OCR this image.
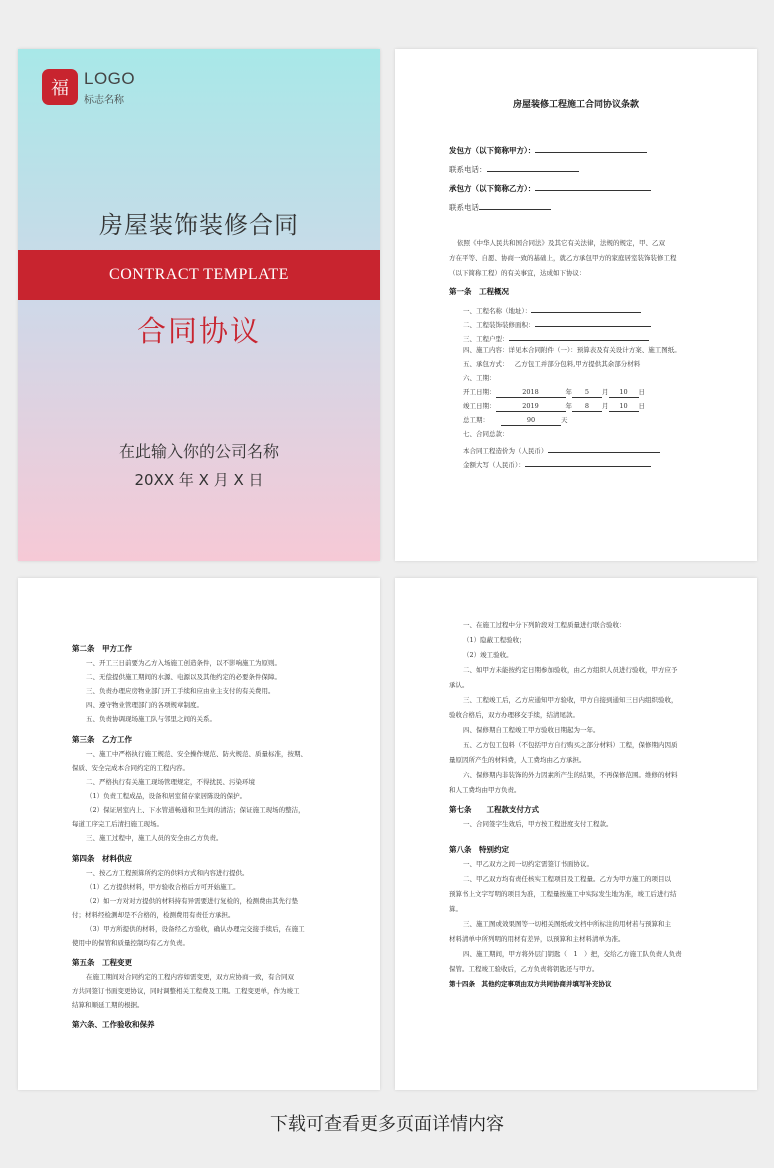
福 LOGO
标志名称
房屋装饰装修合同
CONTRACT TEMPLATE
合同协议
在此输入你的公司名称
20XX 年 X 月 X 日
房屋装修工程施工合同协议条款
发包方（以下简称甲方）：
联系电话：
承包方（以下简称乙方）：
联系电话
依照《中华人民共和国合同法》及其它有关法律，法规的规定，甲、乙双
方在平等、自愿、协商一致的基础上，就乙方承包甲方的家庭居室装饰装修工程
（以下简称工程）的有关事宜，达成如下协议：
第一条　工程概况
一、工程名称（地址）：
二、工程装饰装修面积：
三、工程户型：
四、施工内容：详见本合同附件（一）：预算表及有关设计方案、施工图纸。
五、承包方式： 乙方包工并部分包料,甲方提供其余部分材料
六、工期：
开工日期：	2018	年 5 月 10 日
竣工日期：	2019	年 8 月 10 日
总工期：	90	天
七、合同总款：
本合同工程造价为（人民币）
金额大写（人民币）：
第二条　甲方工作
一、开工三日前要为乙方入场施工创造条件，以不影响施工为原则。
二、无偿提供施工期间的水源、电源以及其他约定的必要条件保障。
三、负责办理应房物业部门开工手续和应由业主支付的有关费用。
四、遵守物业管理部门的各项规章制度。
五、负责协调现场施工队与邻里之间的关系。
第三条　乙方工作
一、施工中严格执行施工规范、安全操作规范、防火规范、质量标准，按期、
保质、安全完成本合同约定的工程内容。
二、严格执行有关施工现场管理规定，不得扰民、污染环境
（1）负责工程成品，设备和居室留存家居陈设的保护。
（2）保证居室内上、下水管道畅通和卫生间的清洁；保证施工现场的整洁，
每道工序完工后清扫施工现场。
三、施工过程中，施工人员的安全由乙方负责。
第四条　材料供应
一、按乙方工程预算所约定的供料方式和内容进行提供。
（1）乙方提供材料，甲方验收合格后方可开始施工。
（2）如一方对对方提供的材料持有异需要进行复检的，检测费由其先行垫
付；材料经检测却是不合格的，检测费用有责任方承担。
（3）甲方所提供的材料，设备经乙方验收，确认办理完交接手续后，在施工
使用中的保管和质量控制均有乙方负责。
第五条　工程变更
在施工期间对合同约定的工程内容如需变更，双方应协商一致，有合同双
方共同签订书面变更协议，同时调整相关工程费及工期。工程变更单，作为竣工
结算和顺延工期的根据。
第六条、工作验收和保养
一、在施工过程中分下列阶段对工程质量进行联合验收：
（1）隐蔽工程验收；
（2）竣工验收。
二、如甲方未能按约定日期参加验收，由乙方组织人员进行验收，甲方应予
承认。
三、工程竣工后，乙方应通知甲方验收，甲方自接到通知三日内组织验收，
验收合格后，双方办理移交手续，结清尾款。
四、保修期自工程竣工甲方验收日期起为一年。
五、乙方包工包料（不包括甲方自行购买之部分材料）工程，保修期内因质
量原因所产生的材料费，人工费均由乙方承担。
六、保修期内非装饰的外力因素所产生的结果，不再保修范围。维修的材料
和人工费均由甲方负责。
第七条　　工程款支付方式
一、合同签字生效后，甲方按工程进度支付工程款。
第八条　特别约定
一、甲乙双方之间一切约定需签订书面协议。
二、甲乙双方均有责任核实工程项目及工程量。乙方为甲方施工的项目以
预算书上文字写明的项目为准，工程量按施工中实际发生地为准，竣工后进行结
算。
三、施工图或效果图等一切相关图纸或文档中所标注的用材若与预算和主
材料清单中所列明的用材有差异，以预算和主材料清单为准。
四、施工期间，甲方将外层门钥匙（　1　）把，交给乙方施工队负责人负责
保管。工程竣工验收后，乙方负责将钥匙还与甲方。
第十四条　其他约定事项由双方共同协商并填写补充协议
下载可查看更多页面详情内容
